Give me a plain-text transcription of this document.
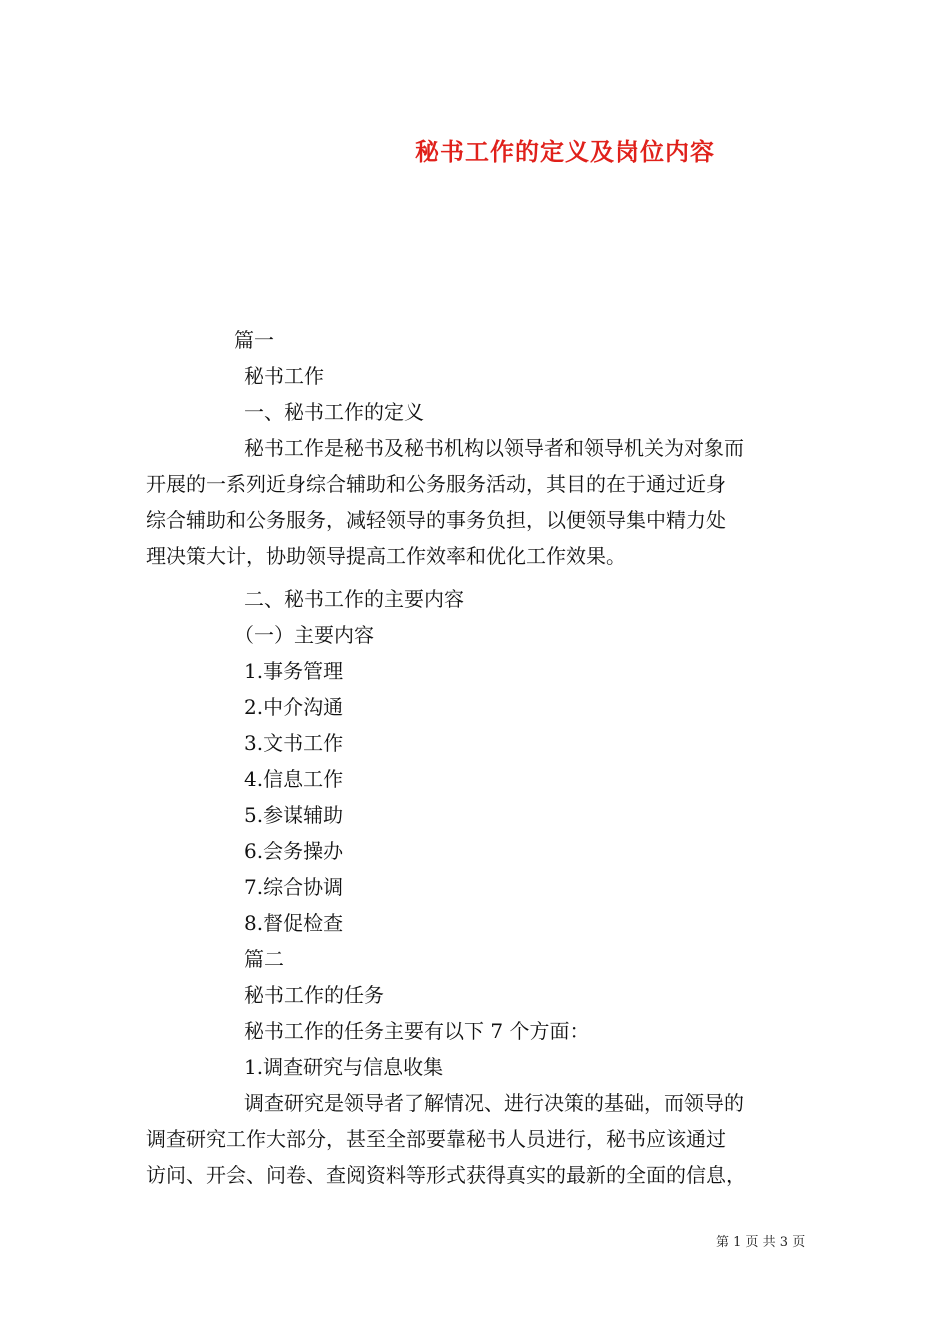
秘书工作的定义及岗位内容
篇一
秘书工作
一、秘书工作的定义
秘书工作是秘书及秘书机构以领导者和领导机关为对象而
开展的一系列近身综合辅助和公务服务活动，其目的在于通过近身
综合辅助和公务服务，减轻领导的事务负担，以便领导集中精力处
理决策大计，协助领导提高工作效率和优化工作效果。
二、秘书工作的主要内容
（一）主要内容
1.事务管理
2.中介沟通
3.文书工作
4.信息工作
5.参谋辅助
6.会务操办
7.综合协调
8.督促检查
篇二
秘书工作的任务
秘书工作的任务主要有以下 7 个方面：
1.调查研究与信息收集
调查研究是领导者了解情况、进行决策的基础，而领导的
调查研究工作大部分，甚至全部要靠秘书人员进行，秘书应该通过
访问、开会、问卷、查阅资料等形式获得真实的最新的全面的信息，
第 1 页 共 3 页
